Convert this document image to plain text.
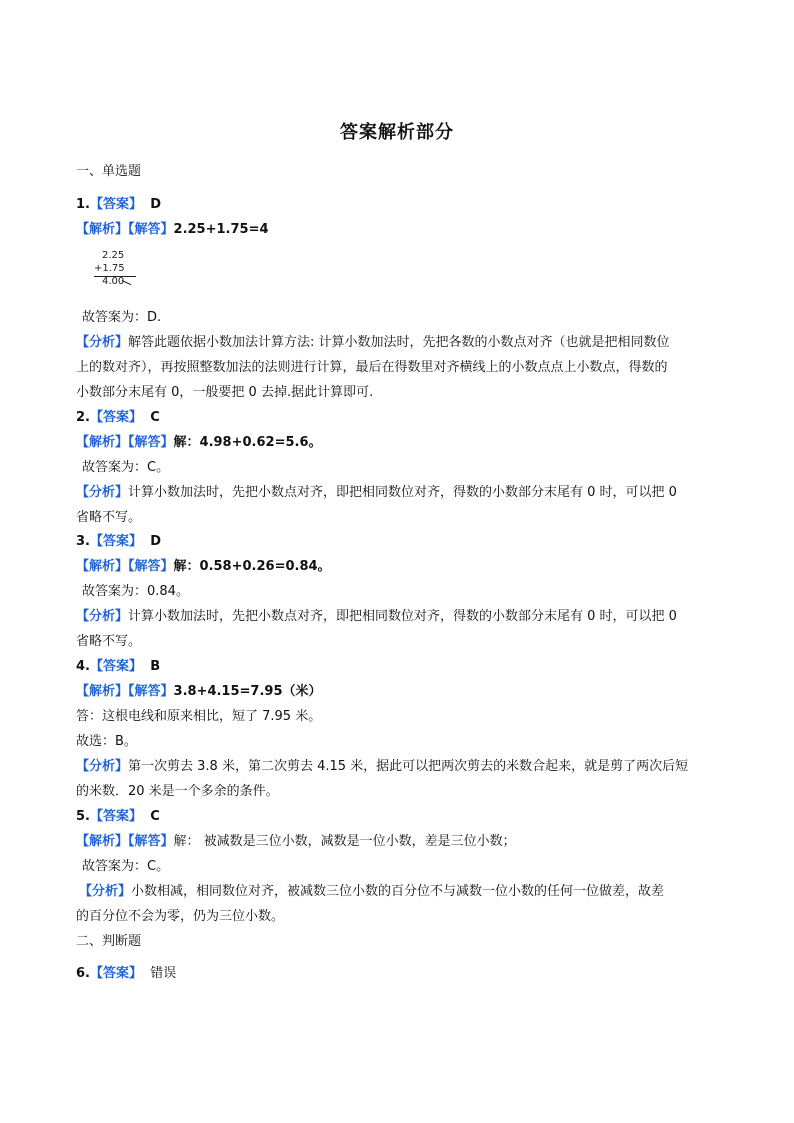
答案解析部分
一、单选题
1.【答案】 D
【解析】【解答】2.25+1.75=4
2.25
+1.75
4.00
故答案为：D.
【分析】解答此题依据小数加法计算方法: 计算小数加法时，先把各数的小数点对齐（也就是把相同数位
上的数对齐），再按照整数加法的法则进行计算，最后在得数里对齐横线上的小数点点上小数点，得数的
小数部分末尾有 0，一般要把 0 去掉.据此计算即可.
2.【答案】 C
【解析】【解答】解：4.98+0.62=5.6。
故答案为：C。
【分析】计算小数加法时，先把小数点对齐，即把相同数位对齐，得数的小数部分末尾有 0 时，可以把 0
省略不写。
3.【答案】 D
【解析】【解答】解：0.58+0.26=0.84。
故答案为：0.84。
【分析】计算小数加法时，先把小数点对齐，即把相同数位对齐，得数的小数部分末尾有 0 时，可以把 0
省略不写。
4.【答案】 B
【解析】【解答】3.8+4.15=7.95（米）
答：这根电线和原来相比，短了 7.95 米。
故选：B。
【分析】第一次剪去 3.8 米，第二次剪去 4.15 米，据此可以把两次剪去的米数合起来，就是剪了两次后短
的米数．20 米是一个多余的条件。
5.【答案】 C
【解析】【解答】解： 被减数是三位小数，减数是一位小数，差是三位小数；
故答案为：C。
【分析】小数相减，相同数位对齐，被减数三位小数的百分位不与减数一位小数的任何一位做差，故差
的百分位不会为零，仍为三位小数。
二、判断题
6.【答案】 错误
